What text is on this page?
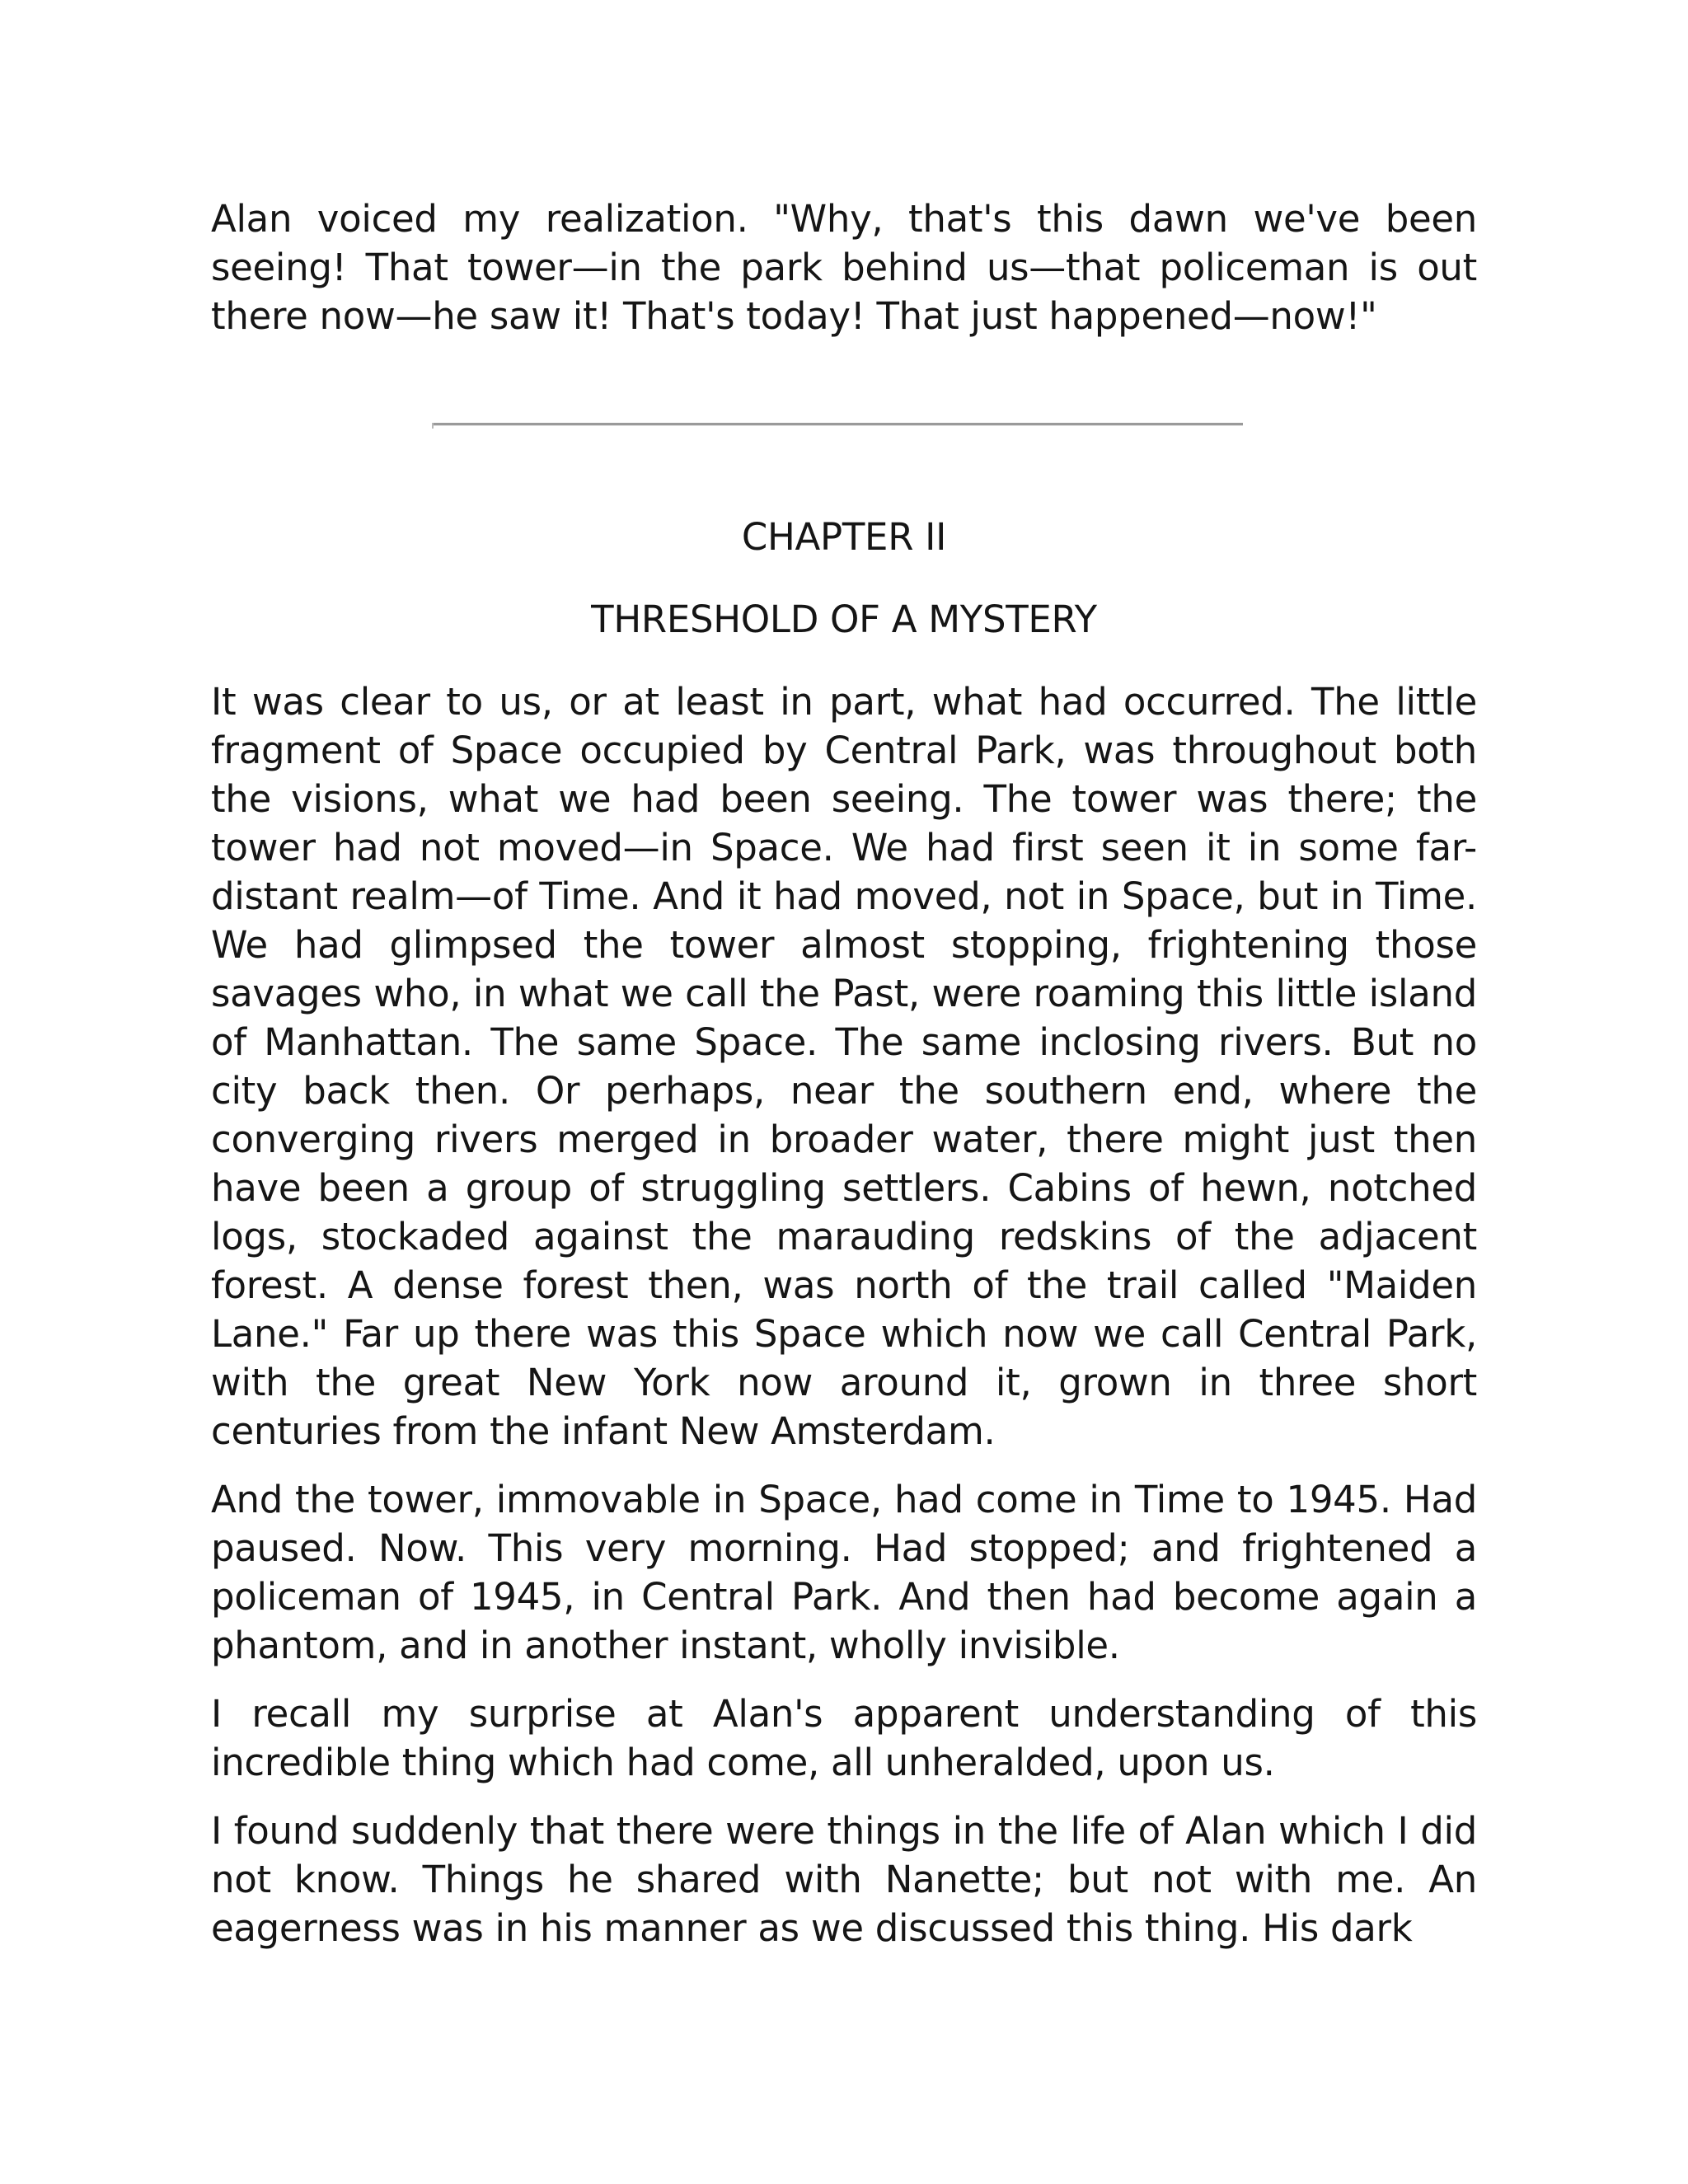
Alan voiced my realization. "Why, that's this dawn we've been seeing! That tower—in the park behind us—that policeman is out there now—he saw it! That's today! That just happened—now!"

CHAPTER II
THRESHOLD OF A MYSTERY

It was clear to us, or at least in part, what had occurred. The little fragment of Space occupied by Central Park, was throughout both the visions, what we had been seeing. The tower was there; the tower had not moved—in Space. We had first seen it in some far-distant realm—of Time. And it had moved, not in Space, but in Time. We had glimpsed the tower almost stopping, frightening those savages who, in what we call the Past, were roaming this little island of Manhattan. The same Space. The same inclosing rivers. But no city back then. Or perhaps, near the southern end, where the converging rivers merged in broader water, there might just then have been a group of struggling settlers. Cabins of hewn, notched logs, stockaded against the marauding redskins of the adjacent forest. A dense forest then, was north of the trail called "Maiden Lane." Far up there was this Space which now we call Central Park, with the great New York now around it, grown in three short centuries from the infant New Amsterdam.

And the tower, immovable in Space, had come in Time to 1945. Had paused. Now. This very morning. Had stopped; and frightened a policeman of 1945, in Central Park. And then had become again a phantom, and in another instant, wholly invisible.

I recall my surprise at Alan's apparent understanding of this incredible thing which had come, all unheralded, upon us.

I found suddenly that there were things in the life of Alan which I did not know. Things he shared with Nanette; but not with me. An eagerness was in his manner as we discussed this thing. His dark
